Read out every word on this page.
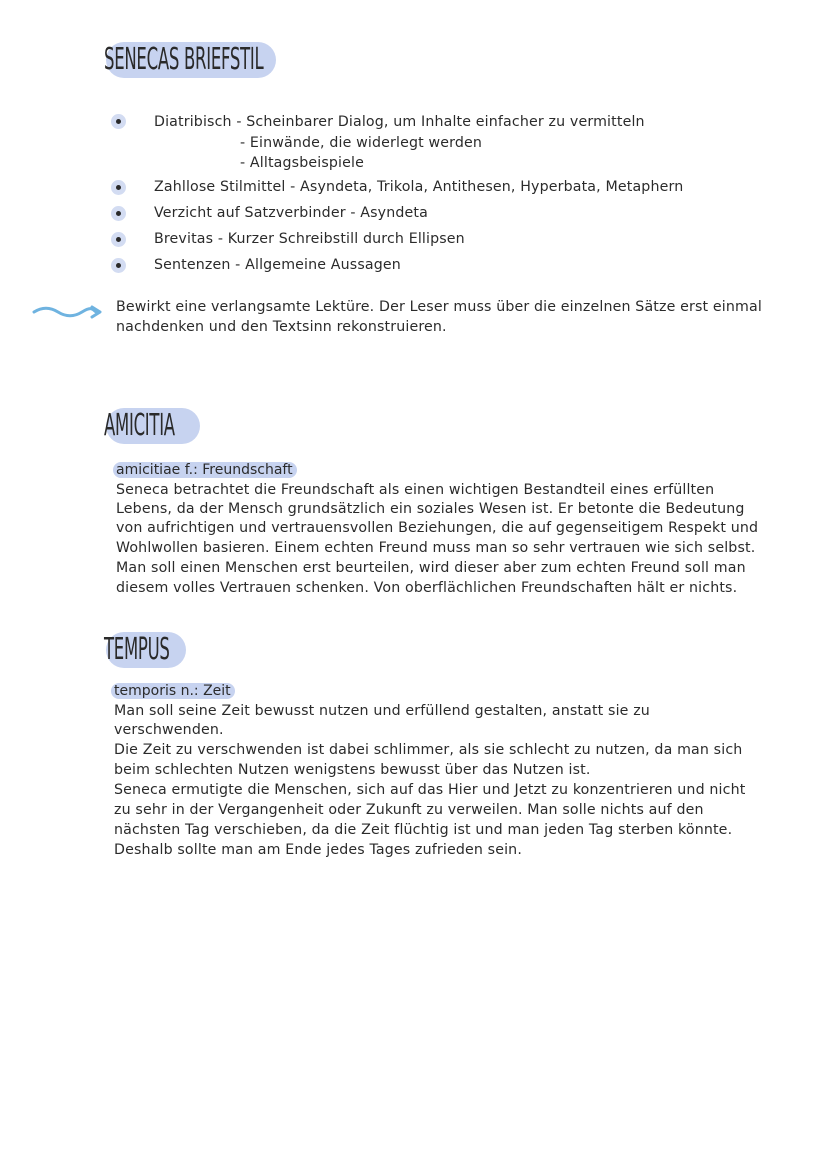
SENECAS BRIEFSTIL
Diatribisch - Scheinbarer Dialog, um Inhalte einfacher zu vermitteln
- Einwände, die widerlegt werden
- Alltagsbeispiele
Zahllose Stilmittel - Asyndeta, Trikola, Antithesen, Hyperbata, Metaphern
Verzicht auf Satzverbinder - Asyndeta
Brevitas - Kurzer Schreibstill durch Ellipsen
Sentenzen - Allgemeine Aussagen
Bewirkt eine verlangsamte Lektüre. Der Leser muss über die einzelnen Sätze erst einmal
nachdenken und den Textsinn rekonstruieren.
AMICITIA
amicitiae f.: Freundschaft
Seneca betrachtet die Freundschaft als einen wichtigen Bestandteil eines erfüllten
Lebens, da der Mensch grundsätzlich ein soziales Wesen ist. Er betonte die Bedeutung
von aufrichtigen und vertrauensvollen Beziehungen, die auf gegenseitigem Respekt und
Wohlwollen basieren. Einem echten Freund muss man so sehr vertrauen wie sich selbst.
Man soll einen Menschen erst beurteilen, wird dieser aber zum echten Freund soll man
diesem volles Vertrauen schenken. Von oberflächlichen Freundschaften hält er nichts.
TEMPUS
temporis n.: Zeit
Man soll seine Zeit bewusst nutzen und erfüllend gestalten, anstatt sie zu
verschwenden.
Die Zeit zu verschwenden ist dabei schlimmer, als sie schlecht zu nutzen, da man sich
beim schlechten Nutzen wenigstens bewusst über das Nutzen ist.
Seneca ermutigte die Menschen, sich auf das Hier und Jetzt zu konzentrieren und nicht
zu sehr in der Vergangenheit oder Zukunft zu verweilen. Man solle nichts auf den
nächsten Tag verschieben, da die Zeit flüchtig ist und man jeden Tag sterben könnte.
Deshalb sollte man am Ende jedes Tages zufrieden sein.
